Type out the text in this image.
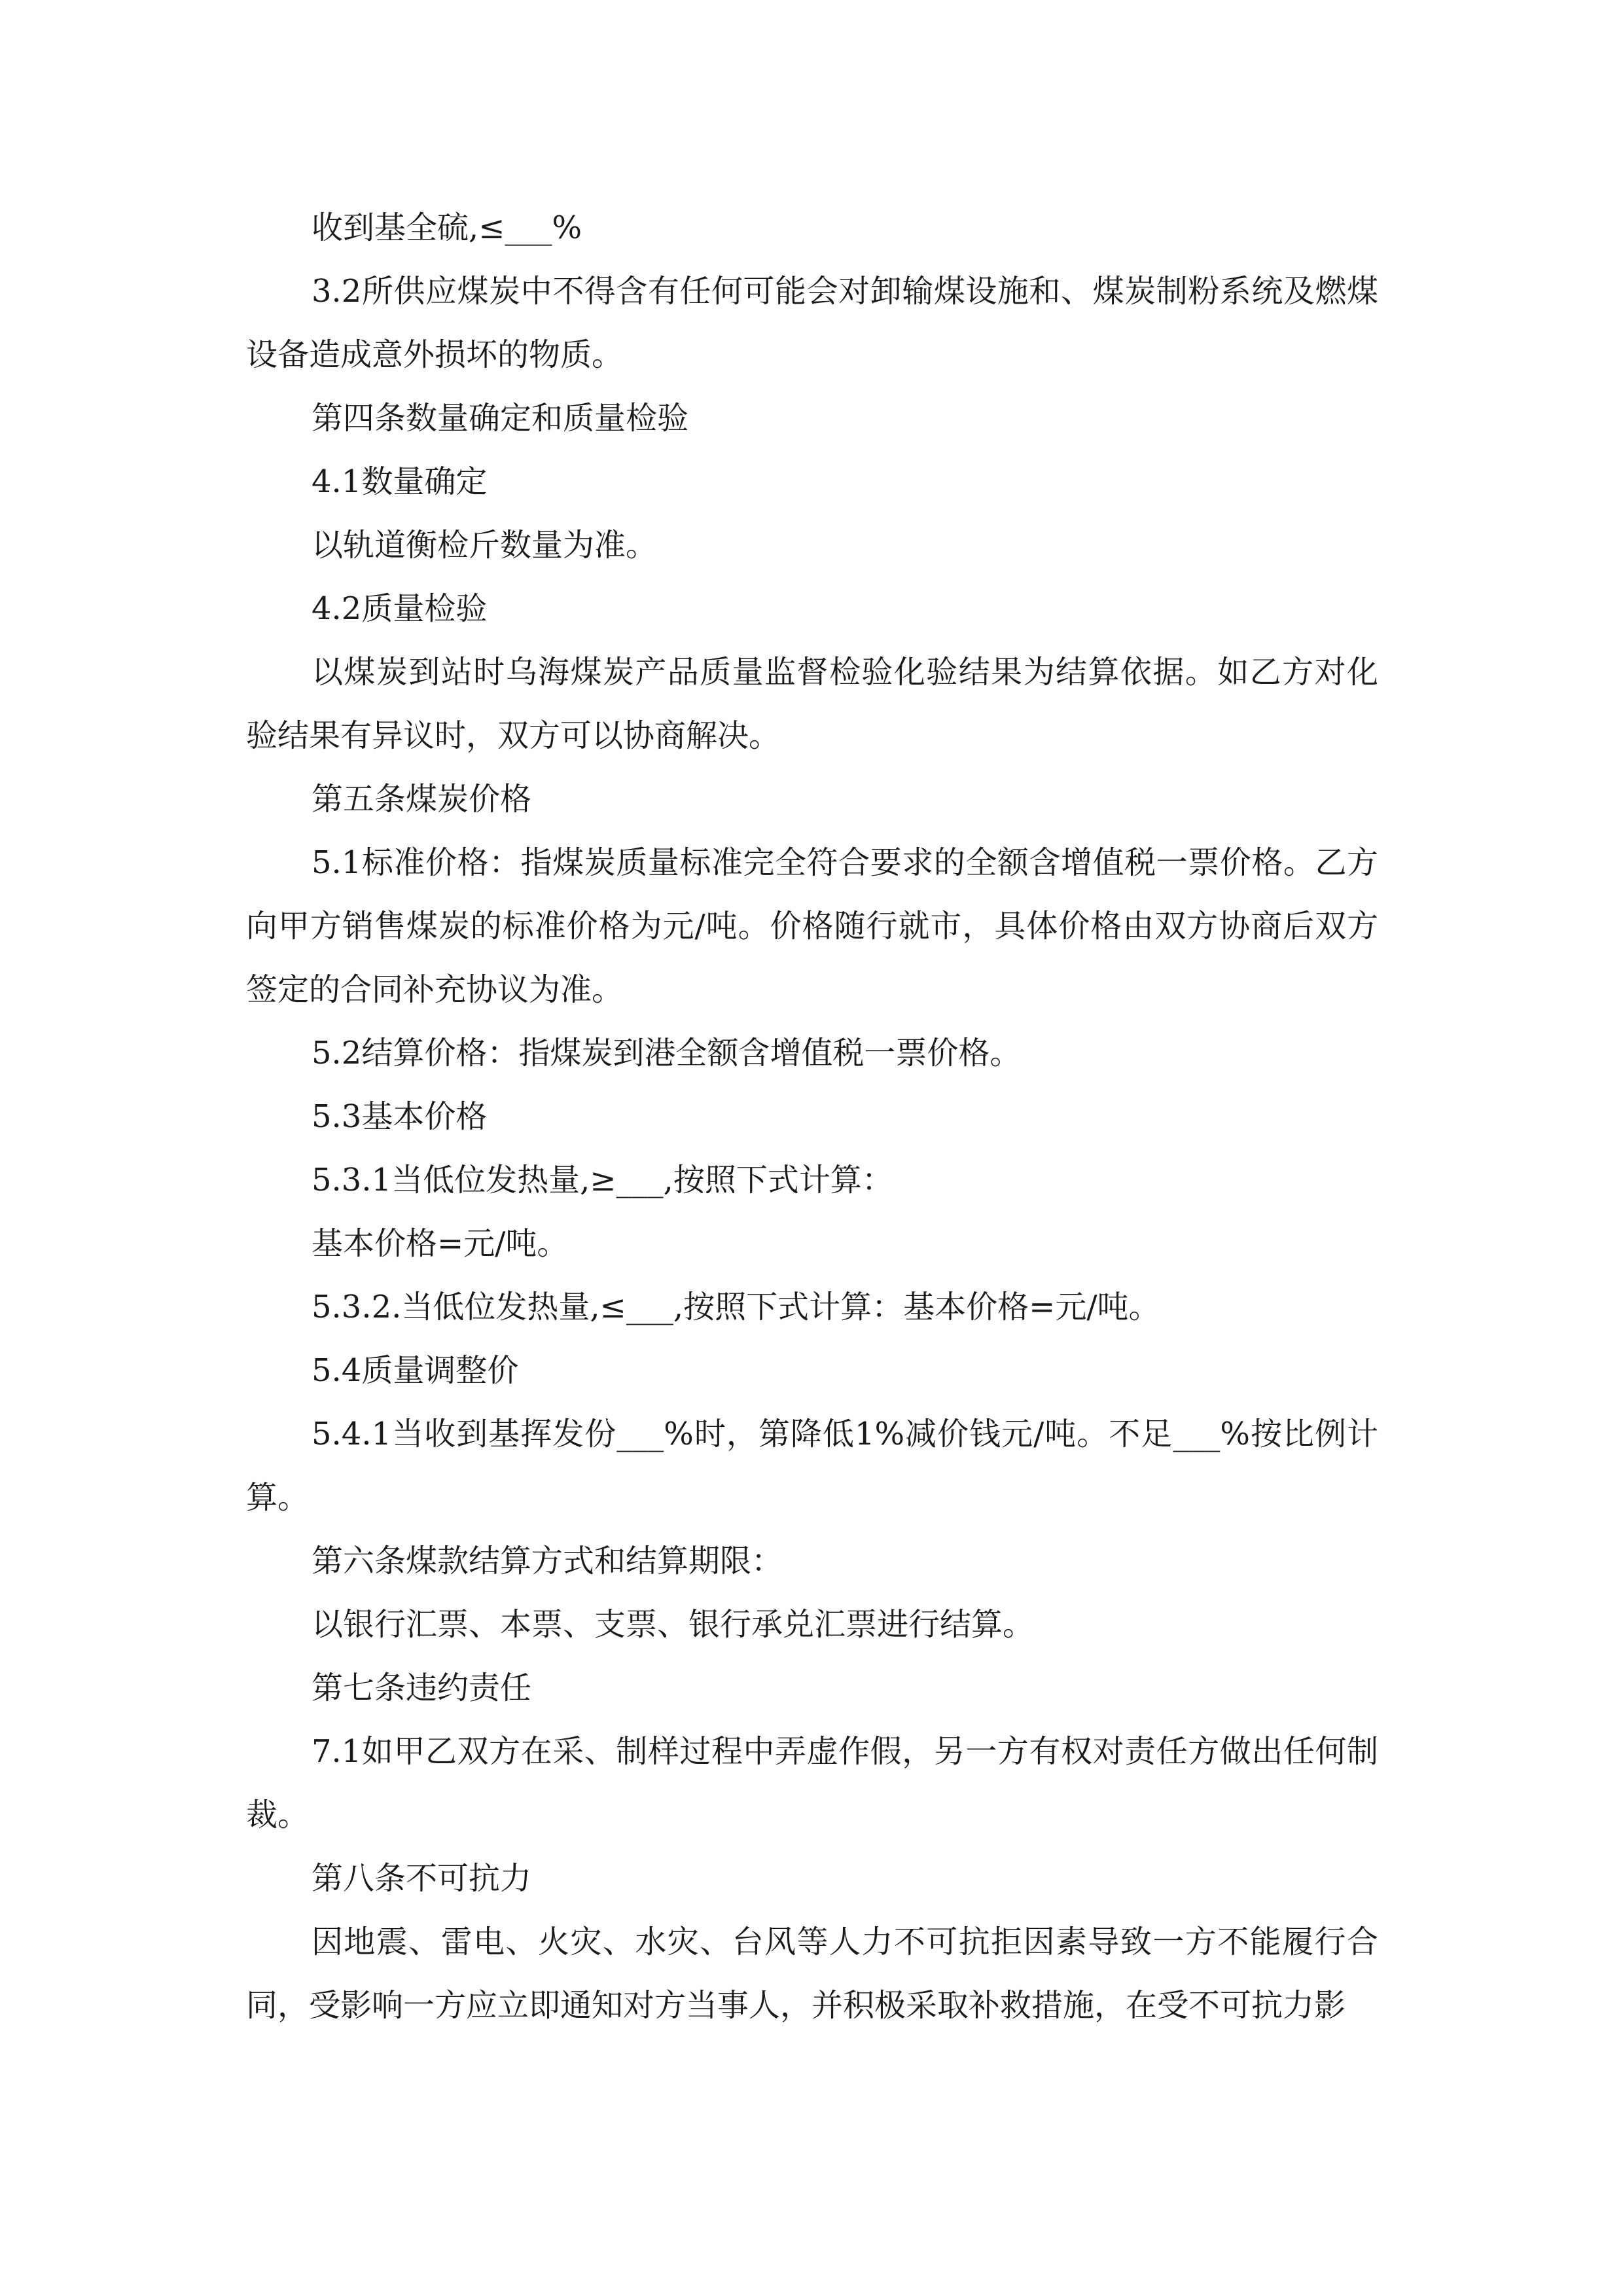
收到基全硫,≤___%

3.2所供应煤炭中不得含有任何可能会对卸输煤设施和、煤炭制粉系统及燃煤设备造成意外损坏的物质。

第四条数量确定和质量检验

4.1数量确定

以轨道衡检斤数量为准。

4.2质量检验

以煤炭到站时乌海煤炭产品质量监督检验化验结果为结算依据。如乙方对化验结果有异议时，双方可以协商解决。

第五条煤炭价格

5.1标准价格：指煤炭质量标准完全符合要求的全额含增值税一票价格。乙方向甲方销售煤炭的标准价格为元/吨。价格随行就市，具体价格由双方协商后双方签定的合同补充协议为准。

5.2结算价格：指煤炭到港全额含增值税一票价格。

5.3基本价格

5.3.1当低位发热量,≥___,按照下式计算：

基本价格=元/吨。

5.3.2.当低位发热量,≤___,按照下式计算：基本价格=元/吨。

5.4质量调整价

5.4.1当收到基挥发份___%时，第降低1%减价钱元/吨。不足___%按比例计算。

第六条煤款结算方式和结算期限：

以银行汇票、本票、支票、银行承兑汇票进行结算。

第七条违约责任

7.1如甲乙双方在采、制样过程中弄虚作假，另一方有权对责任方做出任何制裁。

第八条不可抗力

因地震、雷电、火灾、水灾、台风等人力不可抗拒因素导致一方不能履行合同，受影响一方应立即通知对方当事人，并积极采取补救措施，在受不可抗力影
